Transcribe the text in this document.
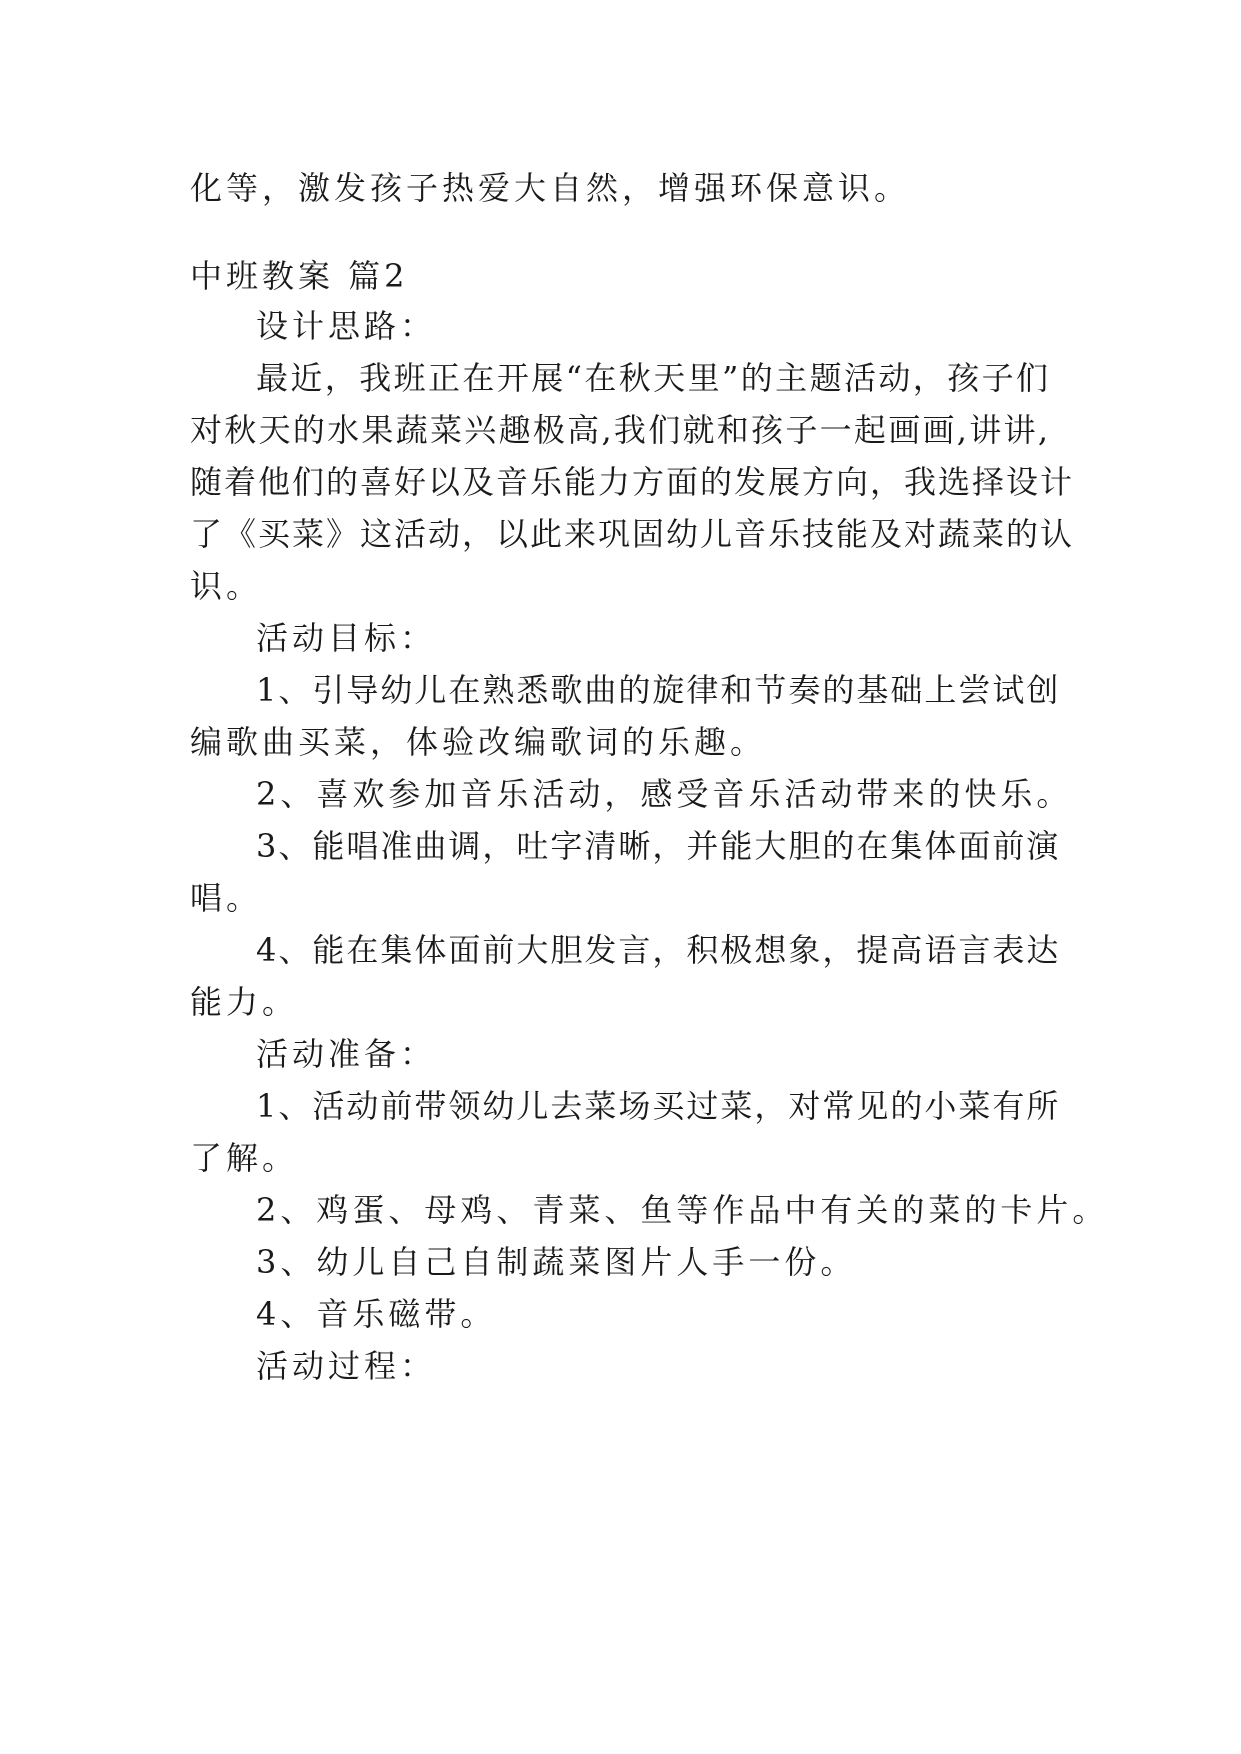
化等，激发孩子热爱大自然，增强环保意识。
中班教案 篇2
设计思路：
最近，我班正在开展“在秋天里”的主题活动，孩子们
对秋天的水果蔬菜兴趣极高,我们就和孩子一起画画,讲讲,
随着他们的喜好以及音乐能力方面的发展方向，我选择设计
了《买菜》这活动，以此来巩固幼儿音乐技能及对蔬菜的认
识。
活动目标：
1、引导幼儿在熟悉歌曲的旋律和节奏的基础上尝试创
编歌曲买菜，体验改编歌词的乐趣。
2、喜欢参加音乐活动，感受音乐活动带来的快乐。
3、能唱准曲调，吐字清晰，并能大胆的在集体面前演
唱。
4、能在集体面前大胆发言，积极想象，提高语言表达
能力。
活动准备：
1、活动前带领幼儿去菜场买过菜，对常见的小菜有所
了解。
2、鸡蛋、母鸡、青菜、鱼等作品中有关的菜的卡片。
3、幼儿自己自制蔬菜图片人手一份。
4、音乐磁带。
活动过程：
